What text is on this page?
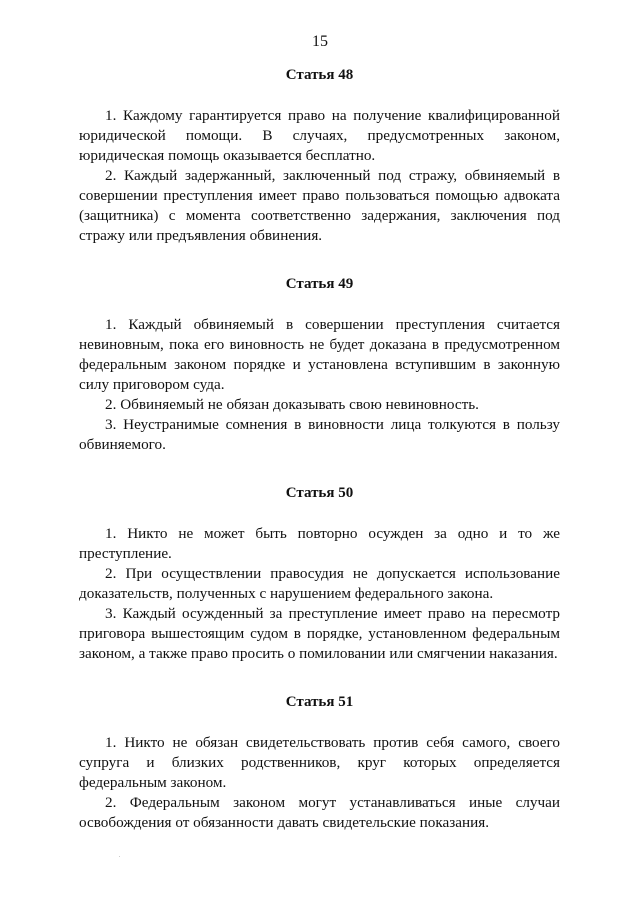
15
Статья 48

1. Каждому гарантируется право на получение квалифицированной юридической помощи. В случаях, предусмотренных законом, юридическая помощь оказывается бесплатно.

2. Каждый задержанный, заключенный под стражу, обвиняемый в совершении преступления имеет право пользоваться помощью адвоката (защитника) с момента соответственно задержания, заключения под стражу или предъявления обвинения.

Статья 49

1. Каждый обвиняемый в совершении преступления считается невиновным, пока его виновность не будет доказана в предусмотренном федеральным законом порядке и установлена вступившим в законную силу приговором суда.

2. Обвиняемый не обязан доказывать свою невиновность.

3. Неустранимые сомнения в виновности лица толкуются в пользу обвиняемого.

Статья 50

1. Никто не может быть повторно осужден за одно и то же преступление.

2. При осуществлении правосудия не допускается использование доказательств, полученных с нарушением федерального закона.

3. Каждый осужденный за преступление имеет право на пересмотр приговора вышестоящим судом в порядке, установленном федеральным законом, а также право просить о помиловании или смягчении наказания.

Статья 51

1. Никто не обязан свидетельствовать против себя самого, своего супруга и близких родственников, круг которых определяется федеральным законом.

2. Федеральным законом могут устанавливаться иные случаи освобождения от обязанности давать свидетельские показания.
